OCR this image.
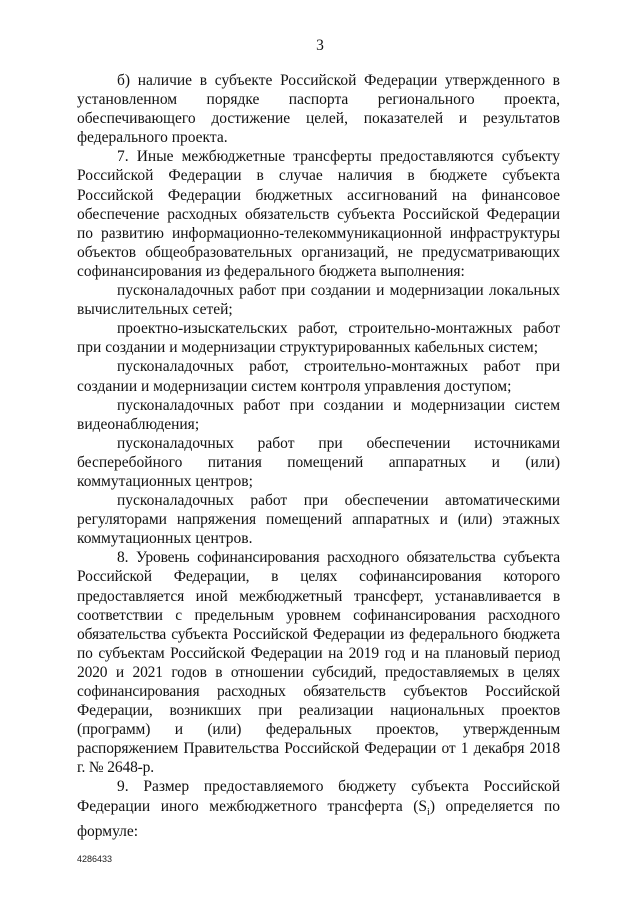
3

б) наличие в субъекте Российской Федерации утвержденного в установленном порядке паспорта регионального проекта, обеспечивающего достижение целей, показателей и результатов федерального проекта.

7. Иные межбюджетные трансферты предоставляются субъекту Российской Федерации в случае наличия в бюджете субъекта Российской Федерации бюджетных ассигнований на финансовое обеспечение расходных обязательств субъекта Российской Федерации по развитию информационно-телекоммуникационной инфраструктуры объектов общеобразовательных организаций, не предусматривающих софинансирования из федерального бюджета выполнения:

пусконаладочных работ при создании и модернизации локальных вычислительных сетей;

проектно-изыскательских работ, строительно-монтажных работ при создании и модернизации структурированных кабельных систем;

пусконаладочных работ, строительно-монтажных работ при создании и модернизации систем контроля управления доступом;

пусконаладочных работ при создании и модернизации систем видеонаблюдения;

пусконаладочных работ при обеспечении источниками бесперебойного питания помещений аппаратных и (или) коммутационных центров;

пусконаладочных работ при обеспечении автоматическими регуляторами напряжения помещений аппаратных и (или) этажных коммутационных центров.

8. Уровень софинансирования расходного обязательства субъекта Российской Федерации, в целях софинансирования которого предоставляется иной межбюджетный трансферт, устанавливается в соответствии с предельным уровнем софинансирования расходного обязательства субъекта Российской Федерации из федерального бюджета по субъектам Российской Федерации на 2019 год и на плановый период 2020 и 2021 годов в отношении субсидий, предоставляемых в целях софинансирования расходных обязательств субъектов Российской Федерации, возникших при реализации национальных проектов (программ) и (или) федеральных проектов, утвержденным распоряжением Правительства Российской Федерации от 1 декабря 2018 г. № 2648-р.

9. Размер предоставляемого бюджету субъекта Российской Федерации иного межбюджетного трансферта $(S_i)$ определяется по формуле:

4286433
